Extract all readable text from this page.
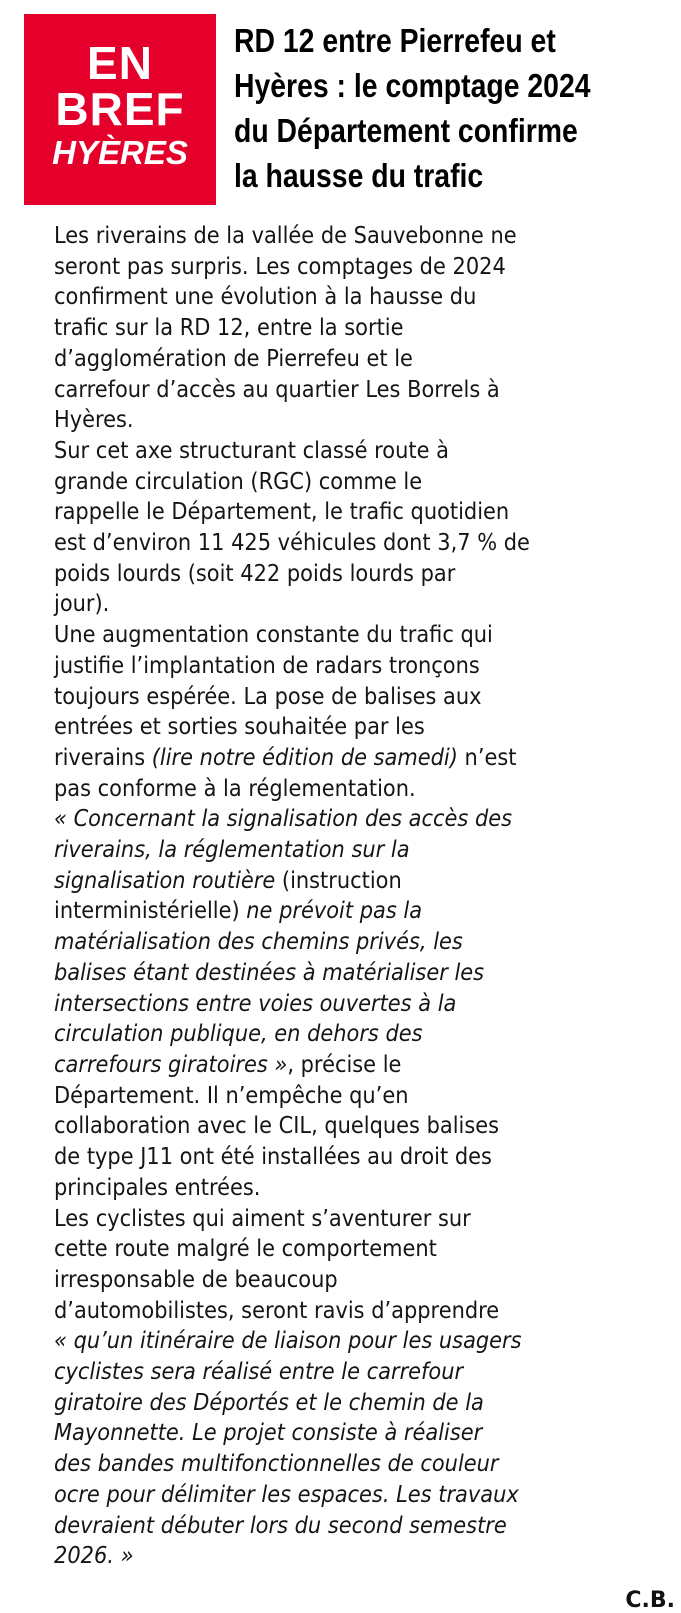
EN
BREF
HYÈRES
RD 12 entre Pierrefeu et
Hyères : le comptage 2024
du Département confirme
la hausse du trafic
Les riverains de la vallée de Sauvebonne ne
seront pas surpris. Les comptages de 2024
confirment une évolution à la hausse du
trafic sur la RD 12, entre la sortie
d’agglomération de Pierrefeu et le
carrefour d’accès au quartier Les Borrels à
Hyères.
Sur cet axe structurant classé route à
grande circulation (RGC) comme le
rappelle le Département, le trafic quotidien
est d’environ 11 425 véhicules dont 3,7 % de
poids lourds (soit 422 poids lourds par
jour).
Une augmentation constante du trafic qui
justifie l’implantation de radars tronçons
toujours espérée. La pose de balises aux
entrées et sorties souhaitée par les
riverains (lire notre édition de samedi) n’est
pas conforme à la réglementation.
« Concernant la signalisation des accès des
riverains, la réglementation sur la
signalisation routière (instruction
interministérielle) ne prévoit pas la
matérialisation des chemins privés, les
balises étant destinées à matérialiser les
intersections entre voies ouvertes à la
circulation publique, en dehors des
carrefours giratoires », précise le
Département. Il n’empêche qu’en
collaboration avec le CIL, quelques balises
de type J11 ont été installées au droit des
principales entrées.
Les cyclistes qui aiment s’aventurer sur
cette route malgré le comportement
irresponsable de beaucoup
d’automobilistes, seront ravis d’apprendre
« qu’un itinéraire de liaison pour les usagers
cyclistes sera réalisé entre le carrefour
giratoire des Déportés et le chemin de la
Mayonnette. Le projet consiste à réaliser
des bandes multifonctionnelles de couleur
ocre pour délimiter les espaces. Les travaux
devraient débuter lors du second semestre
2026. »
C.B.
